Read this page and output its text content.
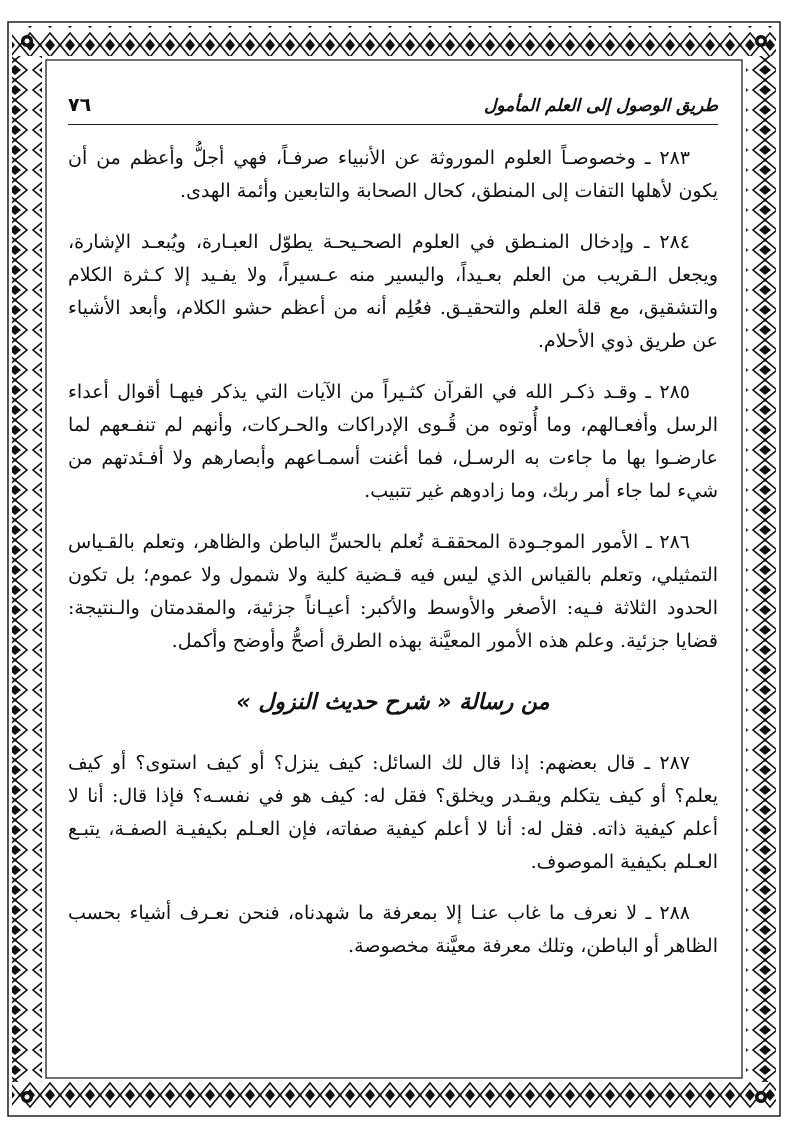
طريق الوصول إلى العلم المأمول
٧٦

٢٨٣ ـ وخصوصـاً العلوم الموروثة عن الأنبياء صرفـاً، فهي أجلُّ وأعظم من أن يكون لأهلها التفات إلى المنطق، كحال الصحابة والتابعين وأئمة الهدى.

٢٨٤ ـ وإدخال المنـطق في العلوم الصحـيحـة يطوّل العبـارة، ويُبعـد الإشارة، ويجعل الـقريب من العلم بعـيداً، واليسير منه عـسيراً، ولا يفـيد إلا كـثرة الكلام والتشقيق، مع قلة العلم والتحقيـق. فعُلِم أنه من أعظم حشو الكلام، وأبعد الأشياء عن طريق ذوي الأحلام.

٢٨٥ ـ وقـد ذكـر الله في القرآن كثـيراً من الآيات التي يذكر فيهـا أقوال أعداء الرسل وأفعـالهم، وما أُوتوه من قُـوى الإدراكات والحـركات، وأنهم لم تنفـعهم لما عارضـوا بها ما جاءت به الرسـل، فما أغنت أسمـاعهم وأبصارهم ولا أفـئدتهم من شيء لما جاء أمر ربك، وما زادوهم غير تتبيب.

٢٨٦ ـ الأمور الموجـودة المحققـة تُعلم بالحسِّ الباطن والظاهر، وتعلم بالقـياس التمثيلي، وتعلم بالقياس الذي ليس فيه قـضية كلية ولا شمول ولا عموم؛ بل تكون الحدود الثلاثة فـيه: الأصغر والأوسط والأكبر: أعيـاناً جزئية، والمقدمتان والـنتيجة: قضايا جزئية. وعلم هذه الأمور المعيَّنة بهذه الطرق أصحُّ وأوضح وأكمل.

من رسالة « شرح حديث النزول »

٢٨٧ ـ قال بعضهم: إذا قال لك السائل: كيف ينزل؟ أو كيف استوى؟ أو كيف يعلم؟ أو كيف يتكلم ويقـدر ويخلق؟ فقل له: كيف هو في نفسـه؟ فإذا قال: أنا لا أعلم كيفية ذاته. فقل له: أنا لا أعلم كيفية صفاته، فإن العـلم بكيفيـة الصفـة، يتبـع العـلم بكيفية الموصوف.

٢٨٨ ـ لا نعرف ما غاب عنـا إلا بمعرفة ما شهدناه، فنحن نعـرف أشياء بحسب الظاهر أو الباطن، وتلك معرفة معيَّنة مخصوصة.
